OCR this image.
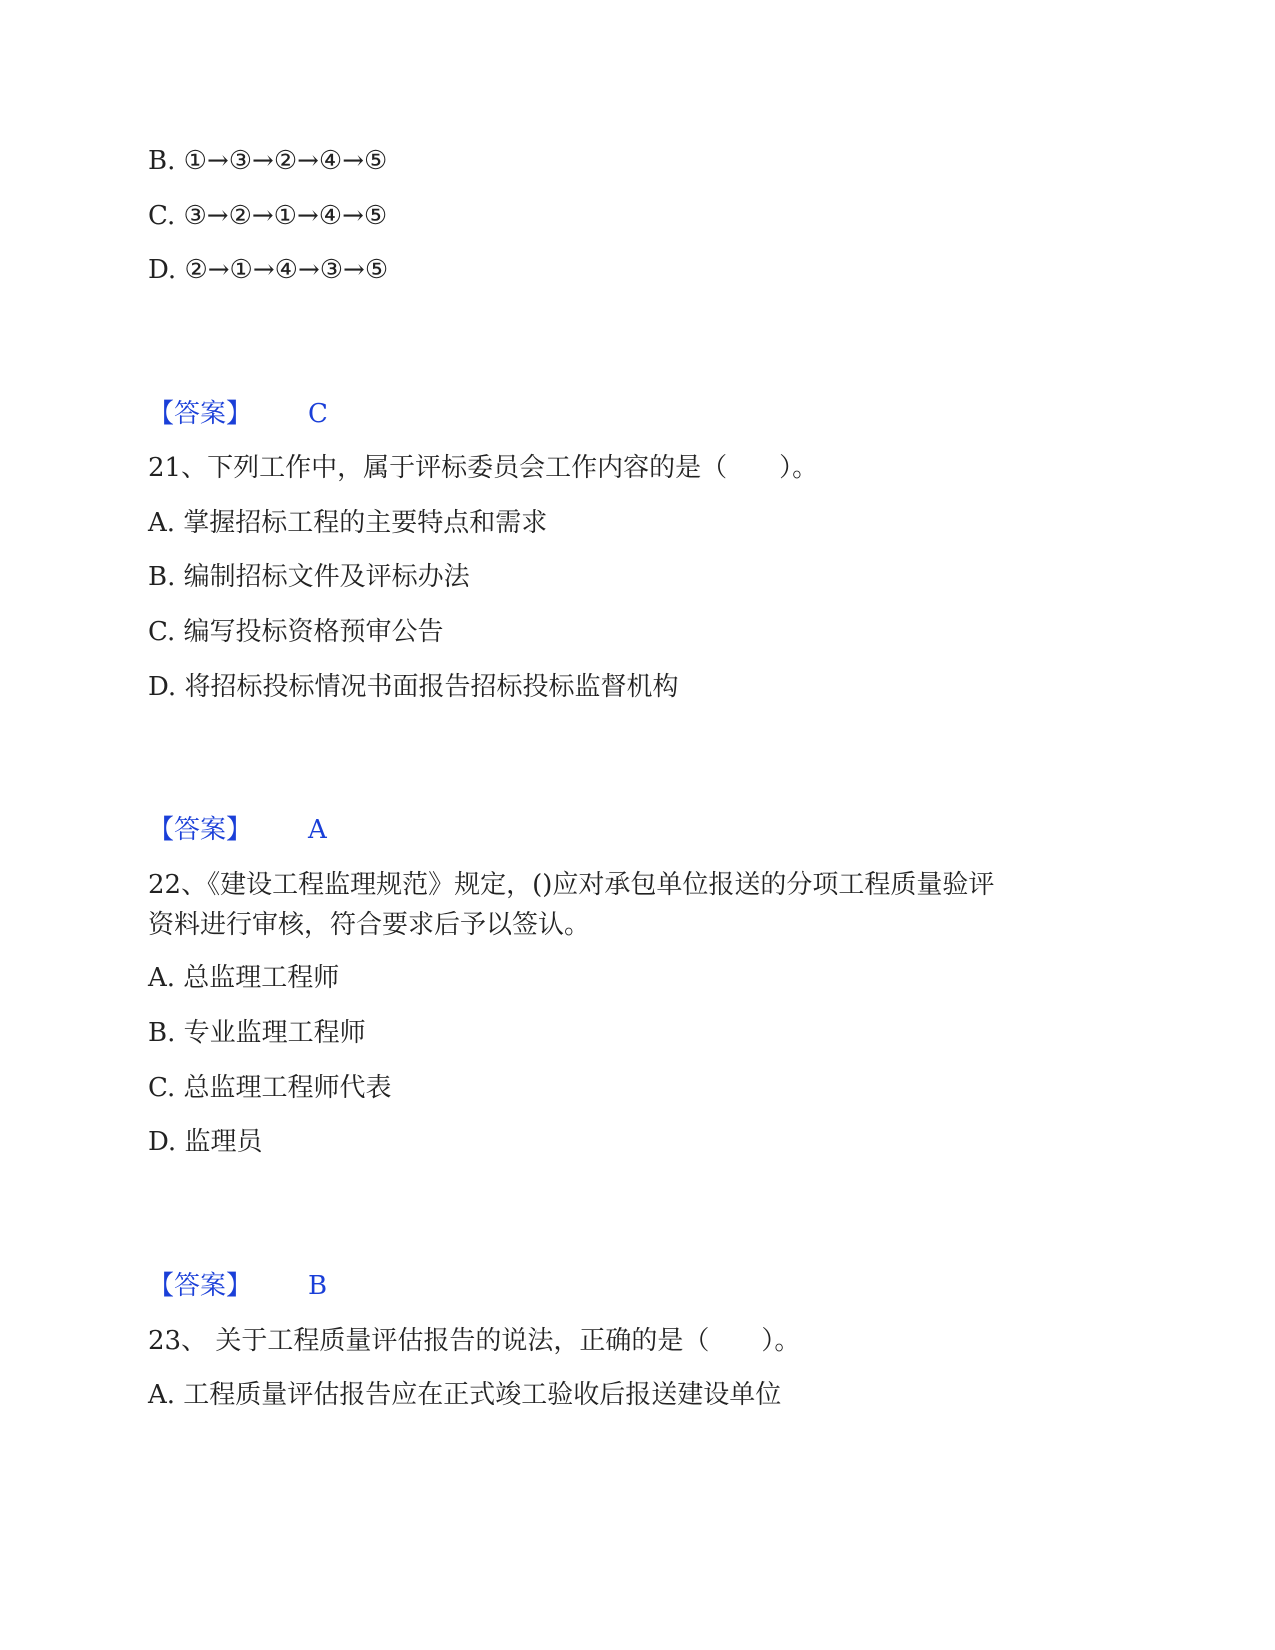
B. ①→③→②→④→⑤
C. ③→②→①→④→⑤
D. ②→①→④→③→⑤
【答案】 C
21、下列工作中，属于评标委员会工作内容的是（　　）。
A. 掌握招标工程的主要特点和需求
B. 编制招标文件及评标办法
C. 编写投标资格预审公告
D. 将招标投标情况书面报告招标投标监督机构
【答案】 A
22、《建设工程监理规范》规定，()应对承包单位报送的分项工程质量验评
资料进行审核，符合要求后予以签认。
A. 总监理工程师
B. 专业监理工程师
C. 总监理工程师代表
D. 监理员
【答案】 B
23、 关于工程质量评估报告的说法，正确的是（　　）。
A. 工程质量评估报告应在正式竣工验收后报送建设单位
